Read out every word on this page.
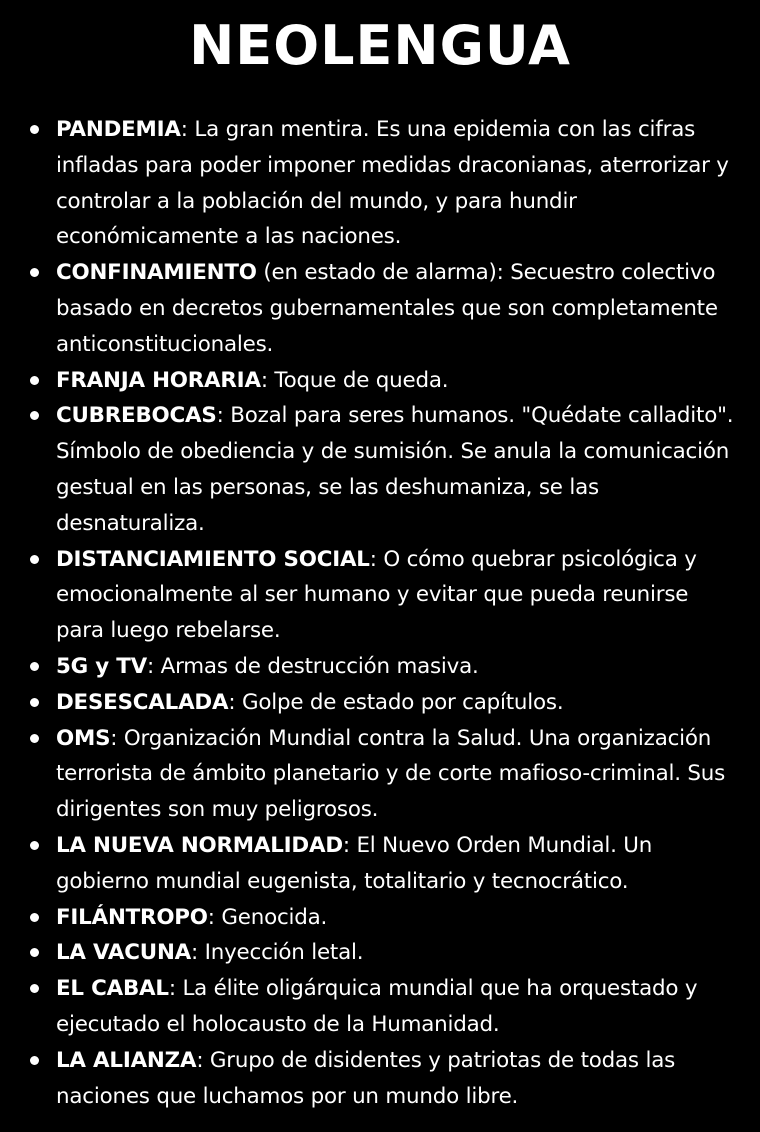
NEOLENGUA
PANDEMIA: La gran mentira. Es una epidemia con las cifras infladas para poder imponer medidas draconianas, aterrorizar y controlar a la población del mundo, y para hundir económicamente a las naciones.
CONFINAMIENTO (en estado de alarma): Secuestro colectivo basado en decretos gubernamentales que son completamente anticonstitucionales.
FRANJA HORARIA: Toque de queda.
CUBREBOCAS: Bozal para seres humanos. "Quédate calladito". Símbolo de obediencia y de sumisión. Se anula la comunicación gestual en las personas, se las deshumaniza, se las desnaturaliza.
DISTANCIAMIENTO SOCIAL: O cómo quebrar psicológica y emocionalmente al ser humano y evitar que pueda reunirse para luego rebelarse.
5G y TV: Armas de destrucción masiva.
DESESCALADA: Golpe de estado por capítulos.
OMS: Organización Mundial contra la Salud. Una organización terrorista de ámbito planetario y de corte mafioso-criminal. Sus dirigentes son muy peligrosos.
LA NUEVA NORMALIDAD: El Nuevo Orden Mundial. Un gobierno mundial eugenista, totalitario y tecnocrático.
FILÁNTROPO: Genocida.
LA VACUNA: Inyección letal.
EL CABAL: La élite oligárquica mundial que ha orquestado y ejecutado el holocausto de la Humanidad.
LA ALIANZA: Grupo de disidentes y patriotas de todas las naciones que luchamos por un mundo libre.
